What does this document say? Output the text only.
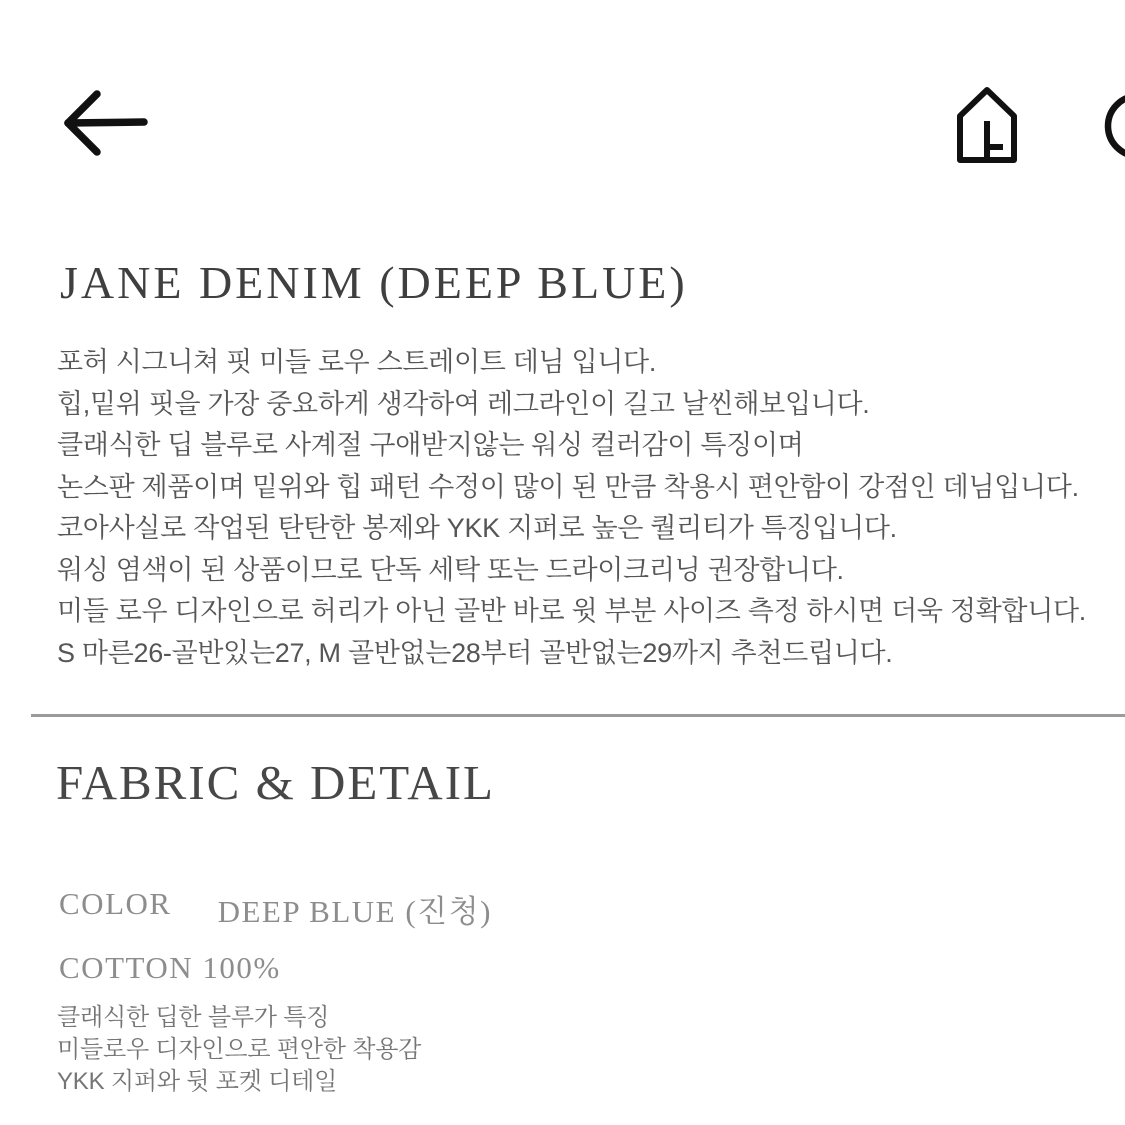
JANE DENIM (DEEP BLUE)
포허 시그니쳐 핏 미들 로우 스트레이트 데님 입니다.
힙,밑위 핏을 가장 중요하게 생각하여 레그라인이 길고 날씬해보입니다.
클래식한 딥 블루로 사계절 구애받지않는 워싱 컬러감이 특징이며
논스판 제품이며 밑위와 힙 패턴 수정이 많이 된 만큼 착용시 편안함이 강점인 데님입니다.
코아사실로 작업된 탄탄한 봉제와 YKK 지퍼로 높은 퀄리티가 특징입니다.
워싱 염색이 된 상품이므로 단독 세탁 또는 드라이크리닝 권장합니다.
미들 로우 디자인으로 허리가 아닌 골반 바로 윗 부분 사이즈 측정 하시면 더욱 정확합니다.
S 마른26-골반있는27, M 골반없는28부터 골반없는29까지 추천드립니다.
FABRIC & DETAIL
COLOR DEEP BLUE (진청)
COTTON 100%
클래식한 딥한 블루가 특징
미들로우 디자인으로 편안한 착용감
YKK 지퍼와 뒷 포켓 디테일
